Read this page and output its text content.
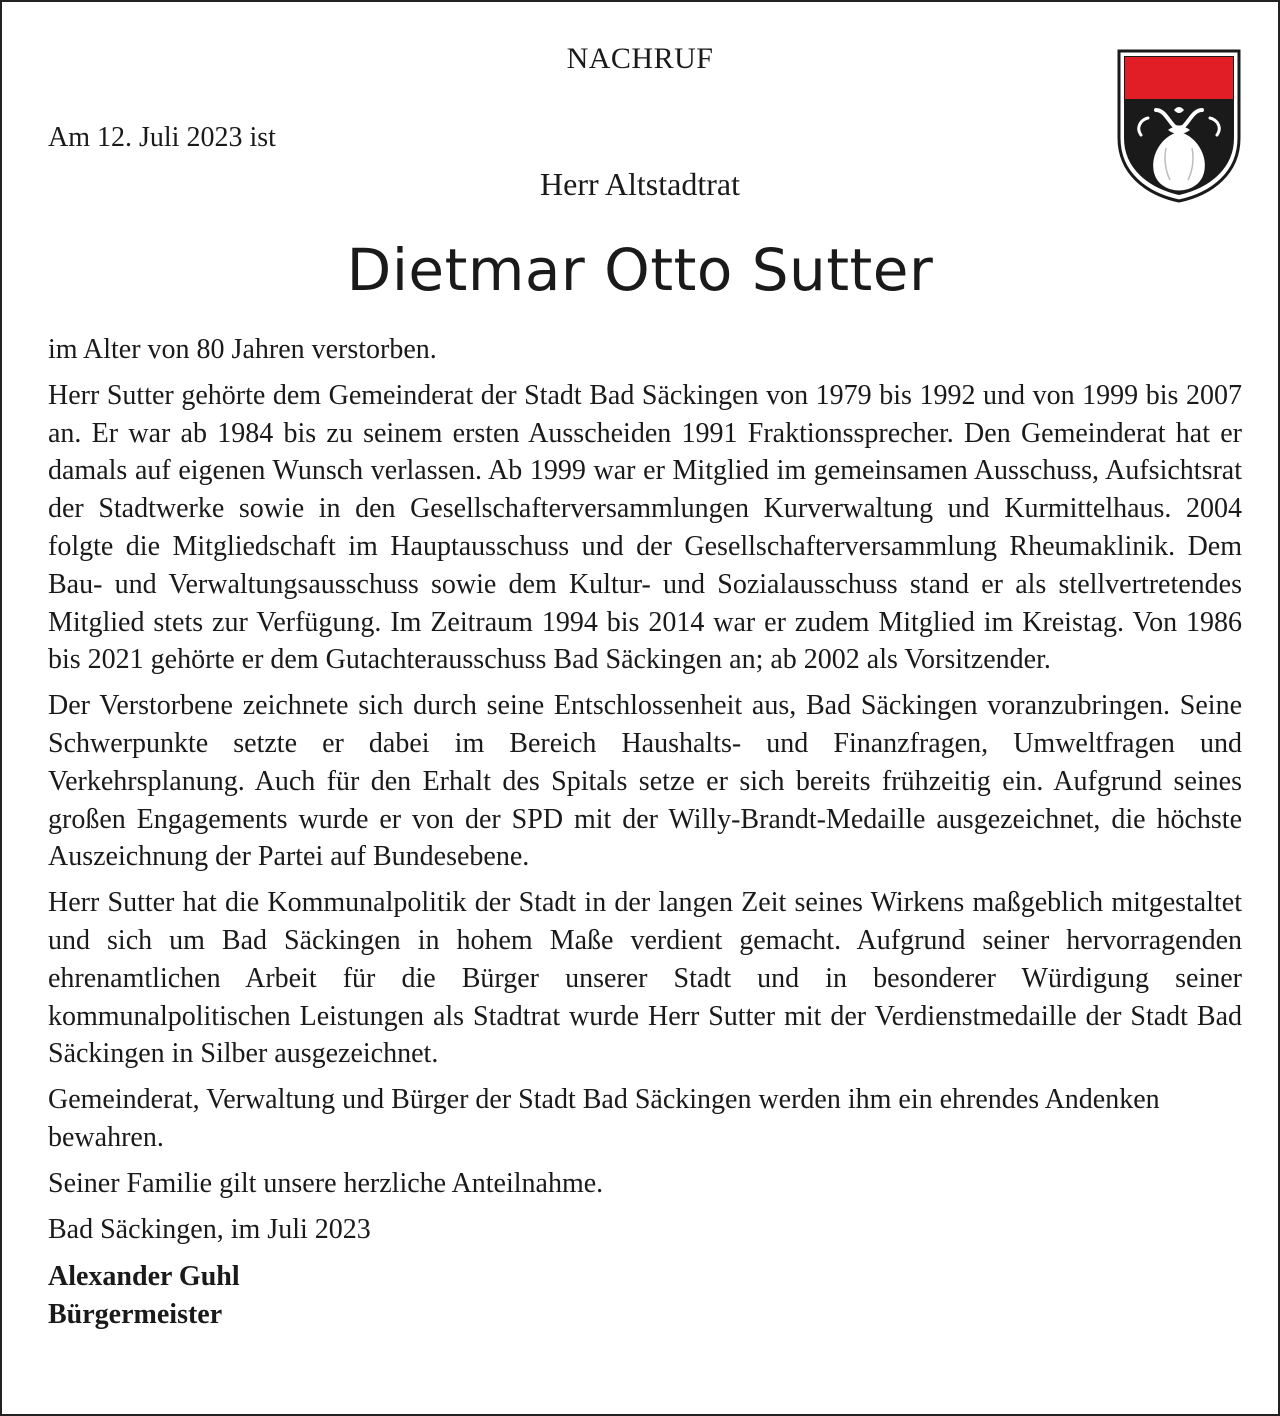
NACHRUF
Am 12. Juli 2023 ist
Herr Altstadtrat
Dietmar Otto Sutter

im Alter von 80 Jahren verstorben.

Herr Sutter gehörte dem Gemeinderat der Stadt Bad Säckingen von 1979 bis 1992 und von 1999 bis 2007 an. Er war ab 1984 bis zu seinem ersten Ausscheiden 1991 Fraktionssprecher. Den Gemeinderat hat er damals auf eigenen Wunsch verlassen. Ab 1999 war er Mitglied im gemeinsamen Ausschuss, Aufsichtsrat der Stadtwerke sowie in den Gesellschafterversammlungen Kurverwaltung und Kurmittelhaus. 2004 folgte die Mitgliedschaft im Hauptausschuss und der Gesellschafterversammlung Rheumaklinik. Dem Bau- und Verwaltungsausschuss sowie dem Kultur- und Sozialausschuss stand er als stellvertretendes Mitglied stets zur Verfügung. Im Zeitraum 1994 bis 2014 war er zudem Mitglied im Kreistag. Von 1986 bis 2021 gehörte er dem Gutachterausschuss Bad Säckingen an; ab 2002 als Vorsitzender.

Der Verstorbene zeichnete sich durch seine Entschlossenheit aus, Bad Säckingen voranzubringen. Seine Schwerpunkte setzte er dabei im Bereich Haushalts- und Finanzfragen, Umweltfragen und Verkehrsplanung. Auch für den Erhalt des Spitals setze er sich bereits frühzeitig ein. Aufgrund seines großen Engagements wurde er von der SPD mit der Willy-Brandt-Medaille ausgezeichnet, die höchste Auszeichnung der Partei auf Bundesebene.

Herr Sutter hat die Kommunalpolitik der Stadt in der langen Zeit seines Wirkens maßgeblich mitgestaltet und sich um Bad Säckingen in hohem Maße verdient gemacht. Aufgrund seiner hervorragenden ehrenamtlichen Arbeit für die Bürger unserer Stadt und in besonderer Würdigung seiner kommunalpolitischen Leistungen als Stadtrat wurde Herr Sutter mit der Verdienstmedaille der Stadt Bad Säckingen in Silber ausgezeichnet.

Gemeinderat, Verwaltung und Bürger der Stadt Bad Säckingen werden ihm ein ehrendes Andenken bewahren.

Seiner Familie gilt unsere herzliche Anteilnahme.

Bad Säckingen, im Juli 2023

Alexander Guhl
Bürgermeister
